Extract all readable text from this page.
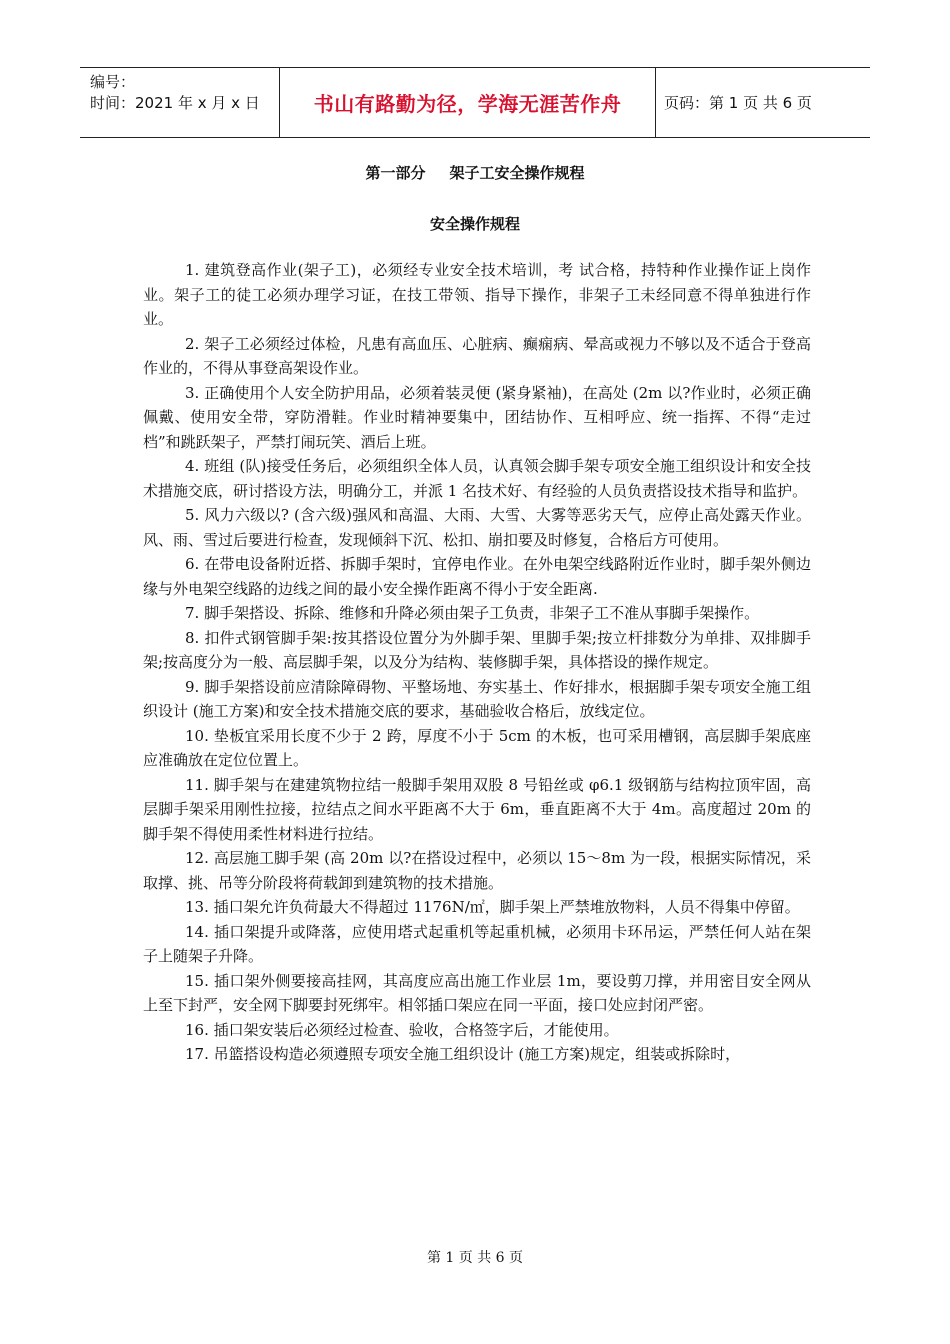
编号：
时间：2021 年 x 月 x 日	书山有路勤为径，学海无涯苦作舟	页码：第 1 页 共 6 页
第一部分 架子工安全操作规程
安全操作规程

1. 建筑登高作业(架子工)，必须经专业安全技术培训，考 试合格，持特种作业操作证上岗作业。架子工的徒工必须办理学习证，在技工带领、指导下操作，非架子工未经同意不得单独进行作业。

2. 架子工必须经过体检，凡患有高血压、心脏病、癫痫病、晕高或视力不够以及不适合于登高作业的，不得从事登高架设作业。

3. 正确使用个人安全防护用品，必须着装灵便 (紧身紧袖)，在高处 (2m 以?作业时，必须正确佩戴、使用安全带，穿防滑鞋。作业时精神要集中，团结协作、互相呼应、统一指挥、不得“走过档”和跳跃架子，严禁打闹玩笑、酒后上班。

4. 班组 (队)接受任务后，必须组织全体人员，认真领会脚手架专项安全施工组织设计和安全技术措施交底，研讨搭设方法，明确分工，并派 1 名技术好、有经验的人员负责搭设技术指导和监护。

5. 风力六级以? (含六级)强风和高温、大雨、大雪、大雾等恶劣天气，应停止高处露天作业。风、雨、雪过后要进行检查，发现倾斜下沉、松扣、崩扣要及时修复，合格后方可使用。

6. 在带电设备附近搭、拆脚手架时，宜停电作业。在外电架空线路附近作业时，脚手架外侧边缘与外电架空线路的边线之间的最小安全操作距离不得小于安全距离.

7. 脚手架搭设、拆除、维修和升降必须由架子工负责，非架子工不准从事脚手架操作。

8. 扣件式钢管脚手架:按其搭设位置分为外脚手架、里脚手架;按立杆排数分为单排、双排脚手架;按高度分为一般、高层脚手架，以及分为结构、装修脚手架，具体搭设的操作规定。

9. 脚手架搭设前应清除障碍物、平整场地、夯实基土、作好排水，根据脚手架专项安全施工组织设计 (施工方案)和安全技术措施交底的要求，基础验收合格后，放线定位。

10. 垫板宜采用长度不少于 2 跨，厚度不小于 5cm 的木板，也可采用槽钢，高层脚手架底座应准确放在定位位置上。

11. 脚手架与在建建筑物拉结一般脚手架用双股 8 号铅丝或 φ6.1 级钢筋与结构拉顶牢固，高层脚手架采用刚性拉接，拉结点之间水平距离不大于 6m，垂直距离不大于 4m。高度超过 20m 的脚手架不得使用柔性材料进行拉结。

12. 高层施工脚手架 (高 20m 以?在搭设过程中，必须以 15～8m 为一段，根据实际情况，采取撑、挑、吊等分阶段将荷载卸到建筑物的技术措施。

13. 插口架允许负荷最大不得超过 1176N/㎡，脚手架上严禁堆放物料，人员不得集中停留。

14. 插口架提升或降落，应使用塔式起重机等起重机械，必须用卡环吊运，严禁任何人站在架子上随架子升降。

15. 插口架外侧要接高挂网，其高度应高出施工作业层 1m，要设剪刀撑，并用密目安全网从上至下封严，安全网下脚要封死绑牢。相邻插口架应在同一平面，接口处应封闭严密。

16. 插口架安装后必须经过检查、验收，合格签字后，才能使用。

17. 吊篮搭设构造必须遵照专项安全施工组织设计 (施工方案)规定，组装或拆除时，

第 1 页 共 6 页
